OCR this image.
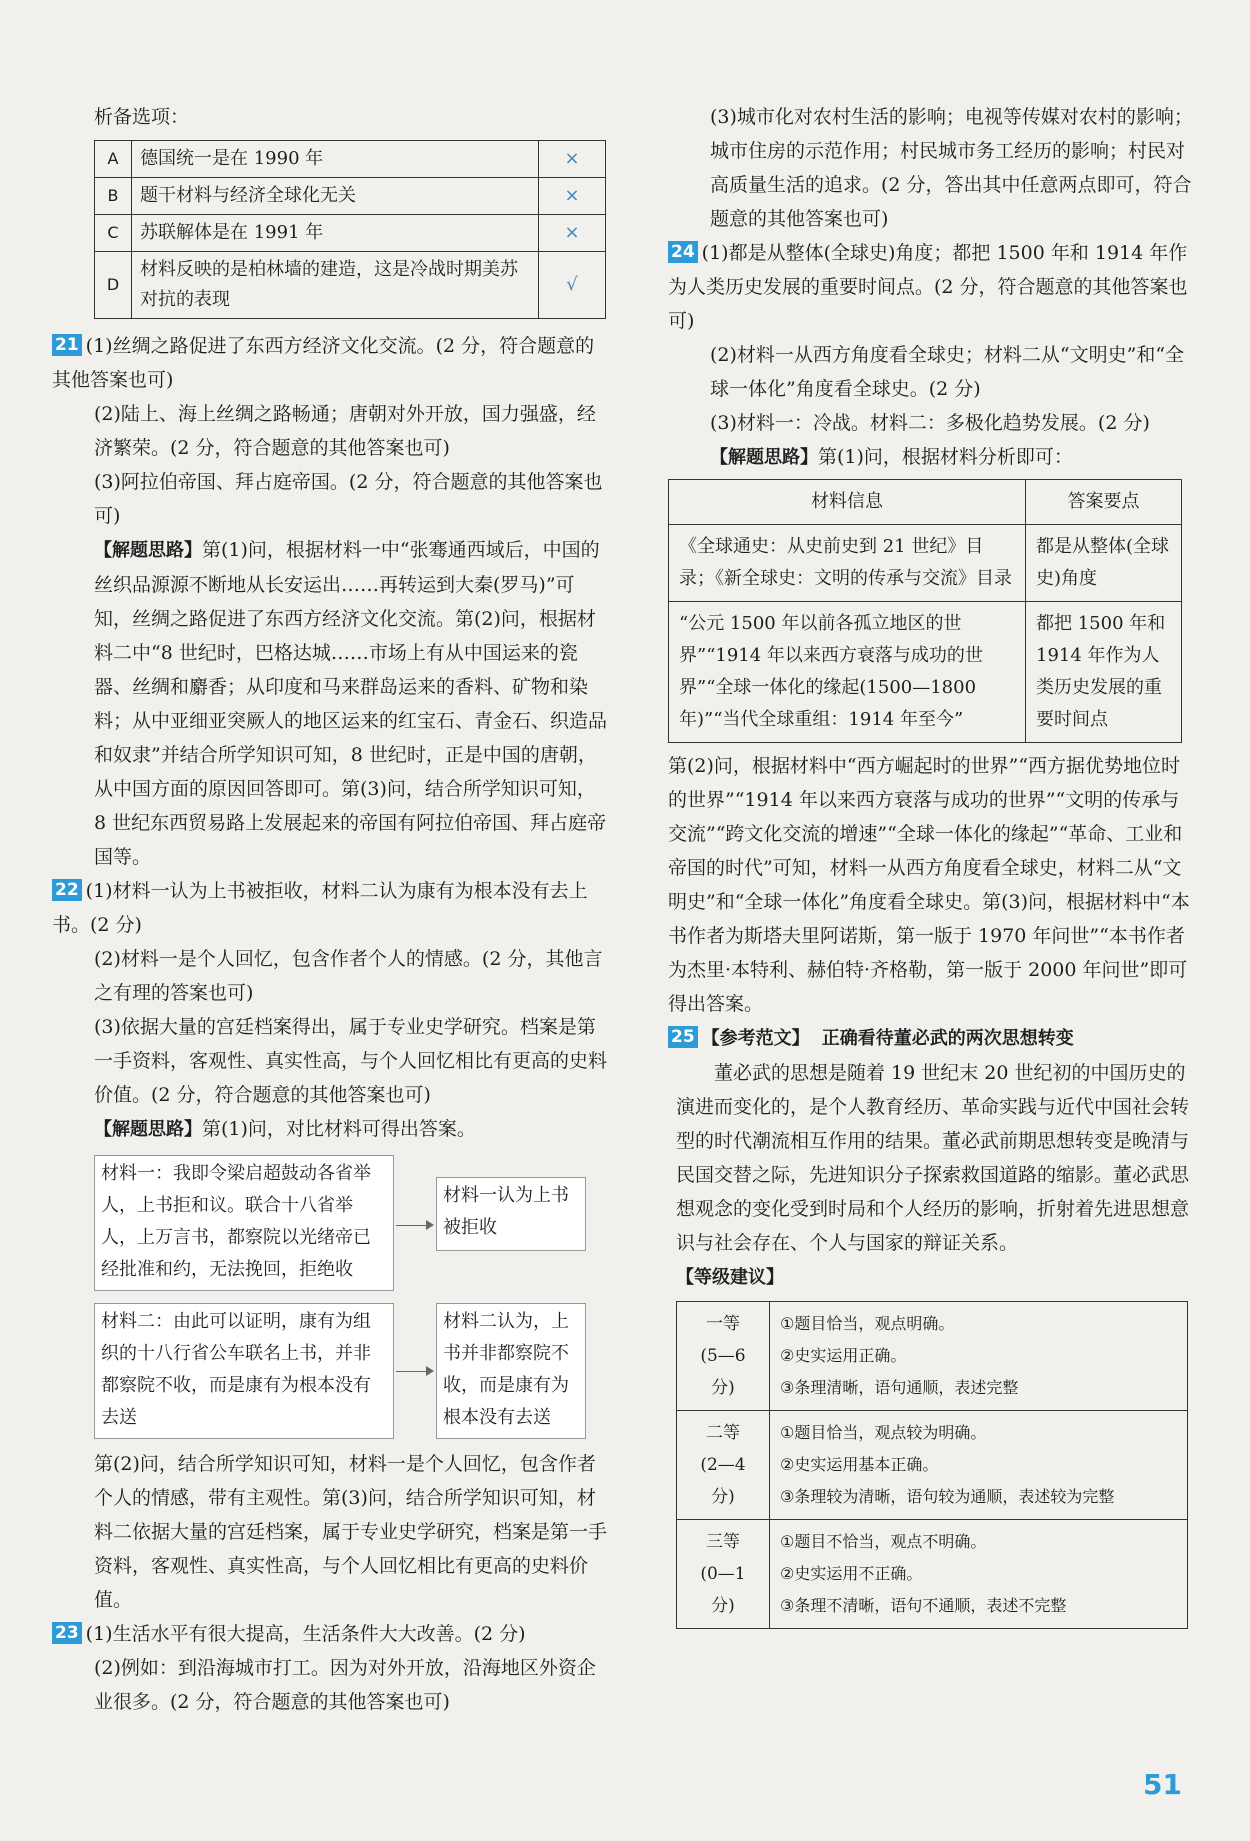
析备选项：

A	德国统一是在 1990 年	×
B	题干材料与经济全球化无关	×
C	苏联解体是在 1991 年	×
D	材料反映的是柏林墙的建造，这是冷战时期美苏对抗的表现	√

21 (1)丝绸之路促进了东西方经济文化交流。(2 分，符合题意的其他答案也可)

(2)陆上、海上丝绸之路畅通；唐朝对外开放，国力强盛，经济繁荣。(2 分，符合题意的其他答案也可)

(3)阿拉伯帝国、拜占庭帝国。(2 分，符合题意的其他答案也可)

【解题思路】第(1)问，根据材料一中“张骞通西域后，中国的丝织品源源不断地从长安运出……再转运到大秦(罗马)”可知，丝绸之路促进了东西方经济文化交流。第(2)问，根据材料二中“8 世纪时，巴格达城……市场上有从中国运来的瓷器、丝绸和麝香；从印度和马来群岛运来的香料、矿物和染料；从中亚细亚突厥人的地区运来的红宝石、青金石、织造品和奴隶”并结合所学知识可知，8 世纪时，正是中国的唐朝，从中国方面的原因回答即可。第(3)问，结合所学知识可知，8 世纪东西贸易路上发展起来的帝国有阿拉伯帝国、拜占庭帝国等。

22 (1)材料一认为上书被拒收，材料二认为康有为根本没有去上书。(2 分)

(2)材料一是个人回忆，包含作者个人的情感。(2 分，其他言之有理的答案也可)

(3)依据大量的宫廷档案得出，属于专业史学研究。档案是第一手资料，客观性、真实性高，与个人回忆相比有更高的史料价值。(2 分，符合题意的其他答案也可)

【解题思路】第(1)问，对比材料可得出答案。

材料一：我即令梁启超鼓动各省举人，上书拒和议。联合十八省举人，上万言书，都察院以光绪帝已经批准和约，无法挽回，拒绝收
材料一认为上书被拒收
材料二：由此可以证明，康有为组织的十八行省公车联名上书，并非都察院不收，而是康有为根本没有去送
材料二认为，上书并非都察院不收，而是康有为根本没有去送

第(2)问，结合所学知识可知，材料一是个人回忆，包含作者个人的情感，带有主观性。第(3)问，结合所学知识可知，材料二依据大量的宫廷档案，属于专业史学研究，档案是第一手资料，客观性、真实性高，与个人回忆相比有更高的史料价值。

23 (1)生活水平有很大提高，生活条件大大改善。(2 分)

(2)例如：到沿海城市打工。因为对外开放，沿海地区外资企业很多。(2 分，符合题意的其他答案也可)

(3)城市化对农村生活的影响；电视等传媒对农村的影响；城市住房的示范作用；村民城市务工经历的影响；村民对高质量生活的追求。(2 分，答出其中任意两点即可，符合题意的其他答案也可)

24 (1)都是从整体(全球史)角度；都把 1500 年和 1914 年作为人类历史发展的重要时间点。(2 分，符合题意的其他答案也可)

(2)材料一从西方角度看全球史；材料二从“文明史”和“全球一体化”角度看全球史。(2 分)

(3)材料一：冷战。材料二：多极化趋势发展。(2 分)

【解题思路】第(1)问，根据材料分析即可：

材料信息	答案要点
《全球通史：从史前史到 21 世纪》目录；《新全球史：文明的传承与交流》目录	都是从整体(全球史)角度
“公元 1500 年以前各孤立地区的世界”“1914 年以来西方衰落与成功的世界”“全球一体化的缘起(1500—1800 年)”“当代全球重组：1914 年至今”	都把 1500 年和 1914 年作为人类历史发展的重要时间点

第(2)问，根据材料中“西方崛起时的世界”“西方据优势地位时的世界”“1914 年以来西方衰落与成功的世界”“文明的传承与交流”“跨文化交流的增速”“全球一体化的缘起”“革命、工业和帝国的时代”可知，材料一从西方角度看全球史，材料二从“文明史”和“全球一体化”角度看全球史。第(3)问，根据材料中“本书作者为斯塔夫里阿诺斯，第一版于 1970 年问世”“本书作者为杰里·本特利、赫伯特·齐格勒，第一版于 2000 年问世”即可得出答案。

25 【参考范文】 正确看待董必武的两次思想转变

董必武的思想是随着 19 世纪末 20 世纪初的中国历史的演进而变化的，是个人教育经历、革命实践与近代中国社会转型的时代潮流相互作用的结果。董必武前期思想转变是晚清与民国交替之际，先进知识分子探索救国道路的缩影。董必武思想观念的变化受到时局和个人经历的影响，折射着先进思想意识与社会存在、个人与国家的辩证关系。

【等级建议】

一等
(5—6 分)	①题目恰当，观点明确。
②史实运用正确。
③条理清晰，语句通顺，表述完整
二等
(2—4 分)	①题目恰当，观点较为明确。
②史实运用基本正确。
③条理较为清晰，语句较为通顺，表述较为完整
三等
(0—1 分)	①题目不恰当，观点不明确。
②史实运用不正确。
③条理不清晰，语句不通顺，表述不完整
51
